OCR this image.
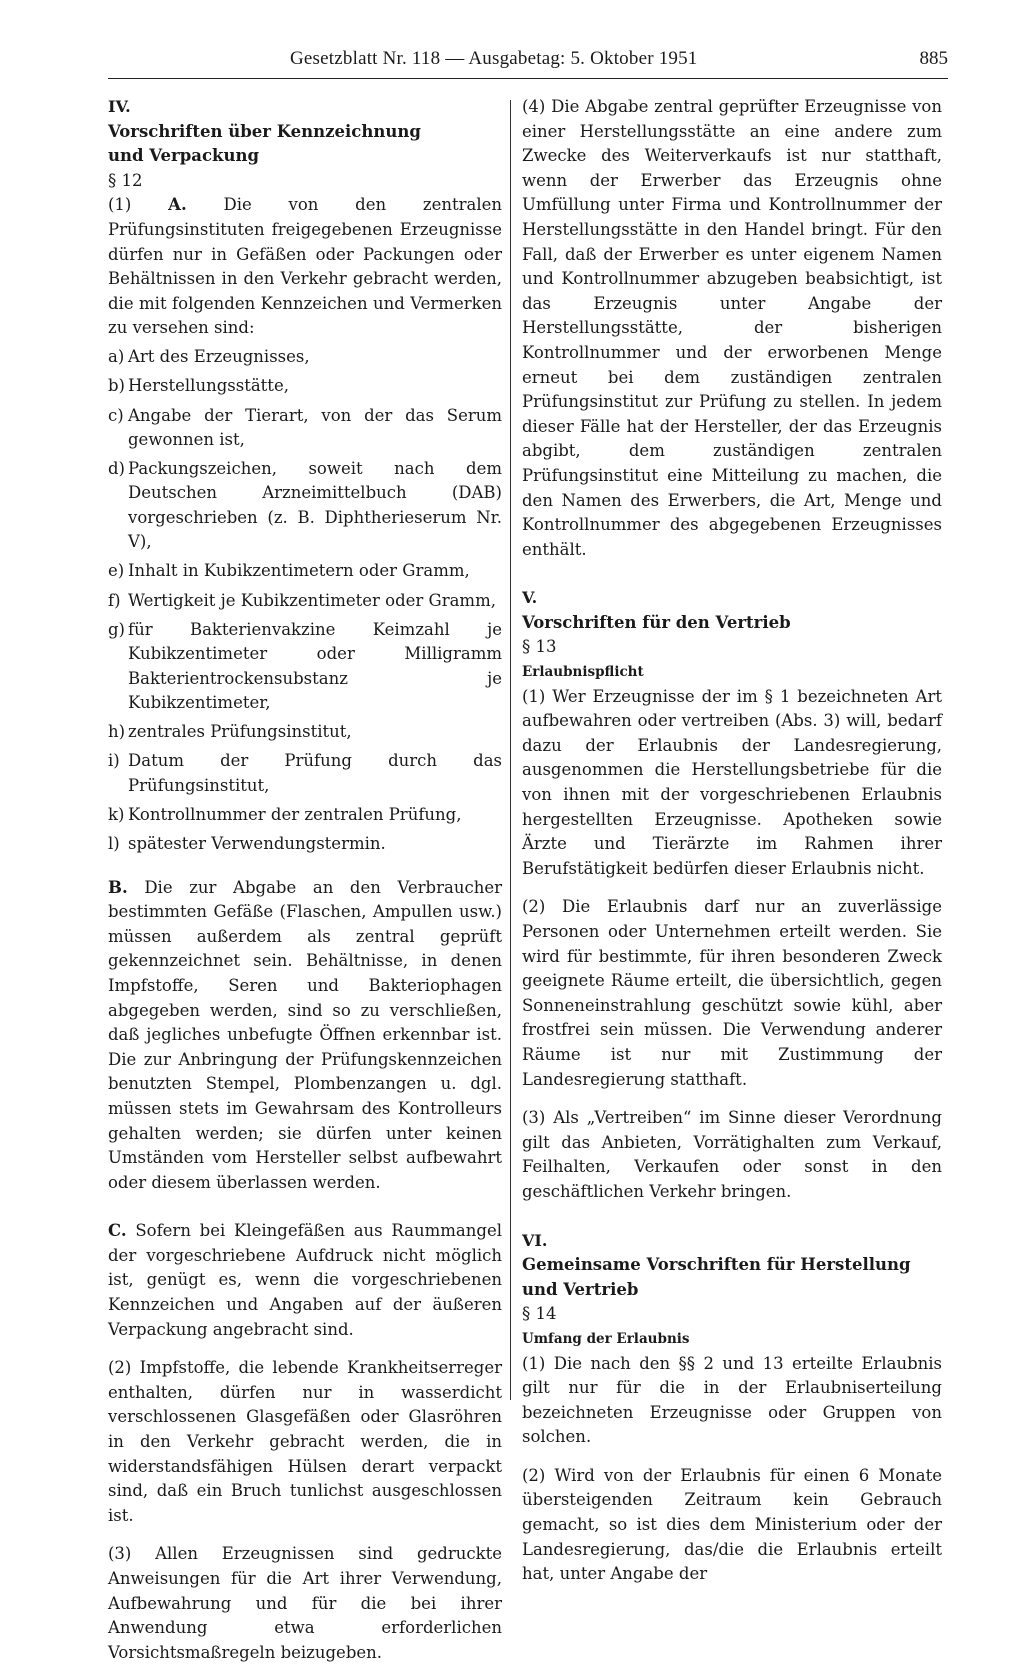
Gesetzblatt Nr. 118 — Ausgabetag: 5. Oktober 1951	885

IV.

Vorschriften über Kennzeichnung

und Verpackung

§ 12

(1) A. Die von den zentralen Prüfungsinstituten freigegebenen Erzeugnisse dürfen nur in Gefäßen oder Packungen oder Behältnissen in den Verkehr gebracht werden, die mit folgenden Kennzeichen und Vermerken zu versehen sind:

a) Art des Erzeugnisses,
b) Herstellungsstätte,
c) Angabe der Tierart, von der das Serum gewonnen ist,
d) Packungszeichen, soweit nach dem Deutschen Arzneimittelbuch (DAB) vorgeschrieben (z. B. Diphtherieserum Nr. V),
e) Inhalt in Kubikzentimetern oder Gramm,
f) Wertigkeit je Kubikzentimeter oder Gramm,
g) für Bakterienvakzine Keimzahl je Kubikzentimeter oder Milligramm Bakterientrockensubstanz je Kubikzentimeter,
h) zentrales Prüfungsinstitut,
i) Datum der Prüfung durch das Prüfungsinstitut,
k) Kontrollnummer der zentralen Prüfung,
l) spätester Verwendungstermin.

B. Die zur Abgabe an den Verbraucher bestimmten Gefäße (Flaschen, Ampullen usw.) müssen außerdem als zentral geprüft gekennzeichnet sein. Behältnisse, in denen Impfstoffe, Seren und Bakteriophagen abgegeben werden, sind so zu verschließen, daß jegliches unbefugte Öffnen erkennbar ist. Die zur Anbringung der Prüfungskennzeichen benutzten Stempel, Plombenzangen u. dgl. müssen stets im Gewahrsam des Kontrolleurs gehalten werden; sie dürfen unter keinen Umständen vom Hersteller selbst aufbewahrt oder diesem überlassen werden.

C. Sofern bei Kleingefäßen aus Raummangel der vorgeschriebene Aufdruck nicht möglich ist, genügt es, wenn die vorgeschriebenen Kennzeichen und Angaben auf der äußeren Verpackung angebracht sind.

(2) Impfstoffe, die lebende Krankheitserreger enthalten, dürfen nur in wasserdicht verschlossenen Glasgefäßen oder Glasröhren in den Verkehr gebracht werden, die in widerstandsfähigen Hülsen derart verpackt sind, daß ein Bruch tunlichst ausgeschlossen ist.

(3) Allen Erzeugnissen sind gedruckte Anweisungen für die Art ihrer Verwendung, Aufbewahrung und für die bei ihrer Anwendung etwa erforderlichen Vorsichtsmaßregeln beizugeben.

(4) Die Abgabe zentral geprüfter Erzeugnisse von einer Herstellungsstätte an eine andere zum Zwecke des Weiterverkaufs ist nur statthaft, wenn der Erwerber das Erzeugnis ohne Umfüllung unter Firma und Kontrollnummer der Herstellungsstätte in den Handel bringt. Für den Fall, daß der Erwerber es unter eigenem Namen und Kontrollnummer abzugeben beabsichtigt, ist das Erzeugnis unter Angabe der Herstellungsstätte, der bisherigen Kontrollnummer und der erworbenen Menge erneut bei dem zuständigen zentralen Prüfungsinstitut zur Prüfung zu stellen. In jedem dieser Fälle hat der Hersteller, der das Erzeugnis abgibt, dem zuständigen zentralen Prüfungsinstitut eine Mitteilung zu machen, die den Namen des Erwerbers, die Art, Menge und Kontrollnummer des abgegebenen Erzeugnisses enthält.

V.

Vorschriften für den Vertrieb

§ 13

Erlaubnispflicht

(1) Wer Erzeugnisse der im § 1 bezeichneten Art aufbewahren oder vertreiben (Abs. 3) will, bedarf dazu der Erlaubnis der Landesregierung, ausgenommen die Herstellungsbetriebe für die von ihnen mit der vorgeschriebenen Erlaubnis hergestellten Erzeugnisse. Apotheken sowie Ärzte und Tierärzte im Rahmen ihrer Berufstätigkeit bedürfen dieser Erlaubnis nicht.

(2) Die Erlaubnis darf nur an zuverlässige Personen oder Unternehmen erteilt werden. Sie wird für bestimmte, für ihren besonderen Zweck geeignete Räume erteilt, die übersichtlich, gegen Sonneneinstrahlung geschützt sowie kühl, aber frostfrei sein müssen. Die Verwendung anderer Räume ist nur mit Zustimmung der Landesregierung statthaft.

(3) Als „Vertreiben“ im Sinne dieser Verordnung gilt das Anbieten, Vorrätighalten zum Verkauf, Feilhalten, Verkaufen oder sonst in den geschäftlichen Verkehr bringen.

VI.

Gemeinsame Vorschriften für Herstellung

und Vertrieb

§ 14

Umfang der Erlaubnis

(1) Die nach den §§ 2 und 13 erteilte Erlaubnis gilt nur für die in der Erlaubniserteilung bezeichneten Erzeugnisse oder Gruppen von solchen.

(2) Wird von der Erlaubnis für einen 6 Monate übersteigenden Zeitraum kein Gebrauch gemacht, so ist dies dem Ministerium oder der Landesregierung, das/die die Erlaubnis erteilt hat, unter Angabe der
